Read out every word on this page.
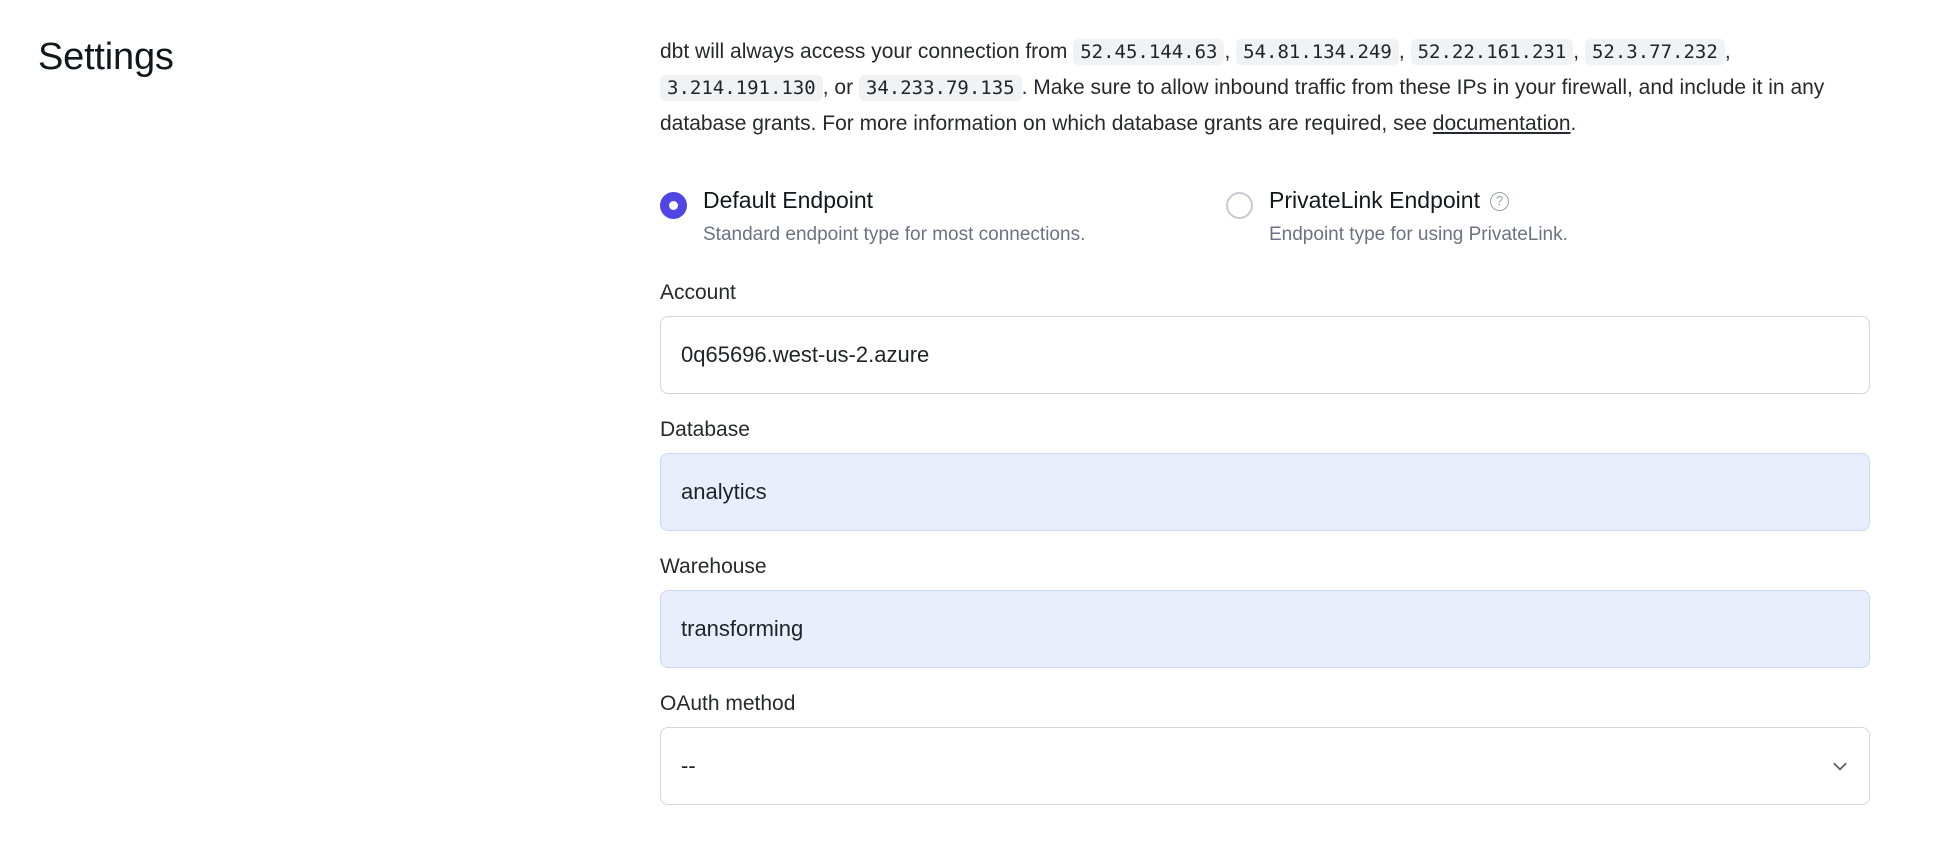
Settings	dbt will always access your connection from 52.45.144.63 , 54.81.134.249 , 52.22.161.231 , 52.3.77.232 , 3.214.191.130 , or 34.233.79.135 . Make sure to allow inbound traffic from these IPs in your firewall, and include it in any database grants. For more information on which database grants are required, see documentation.
Default Endpoint
Standard endpoint type for most connections.
PrivateLink Endpoint ?
Endpoint type for using PrivateLink.
Account
0q65696.west-us-2.azure
Database
analytics
Warehouse
transforming
OAuth method
--
